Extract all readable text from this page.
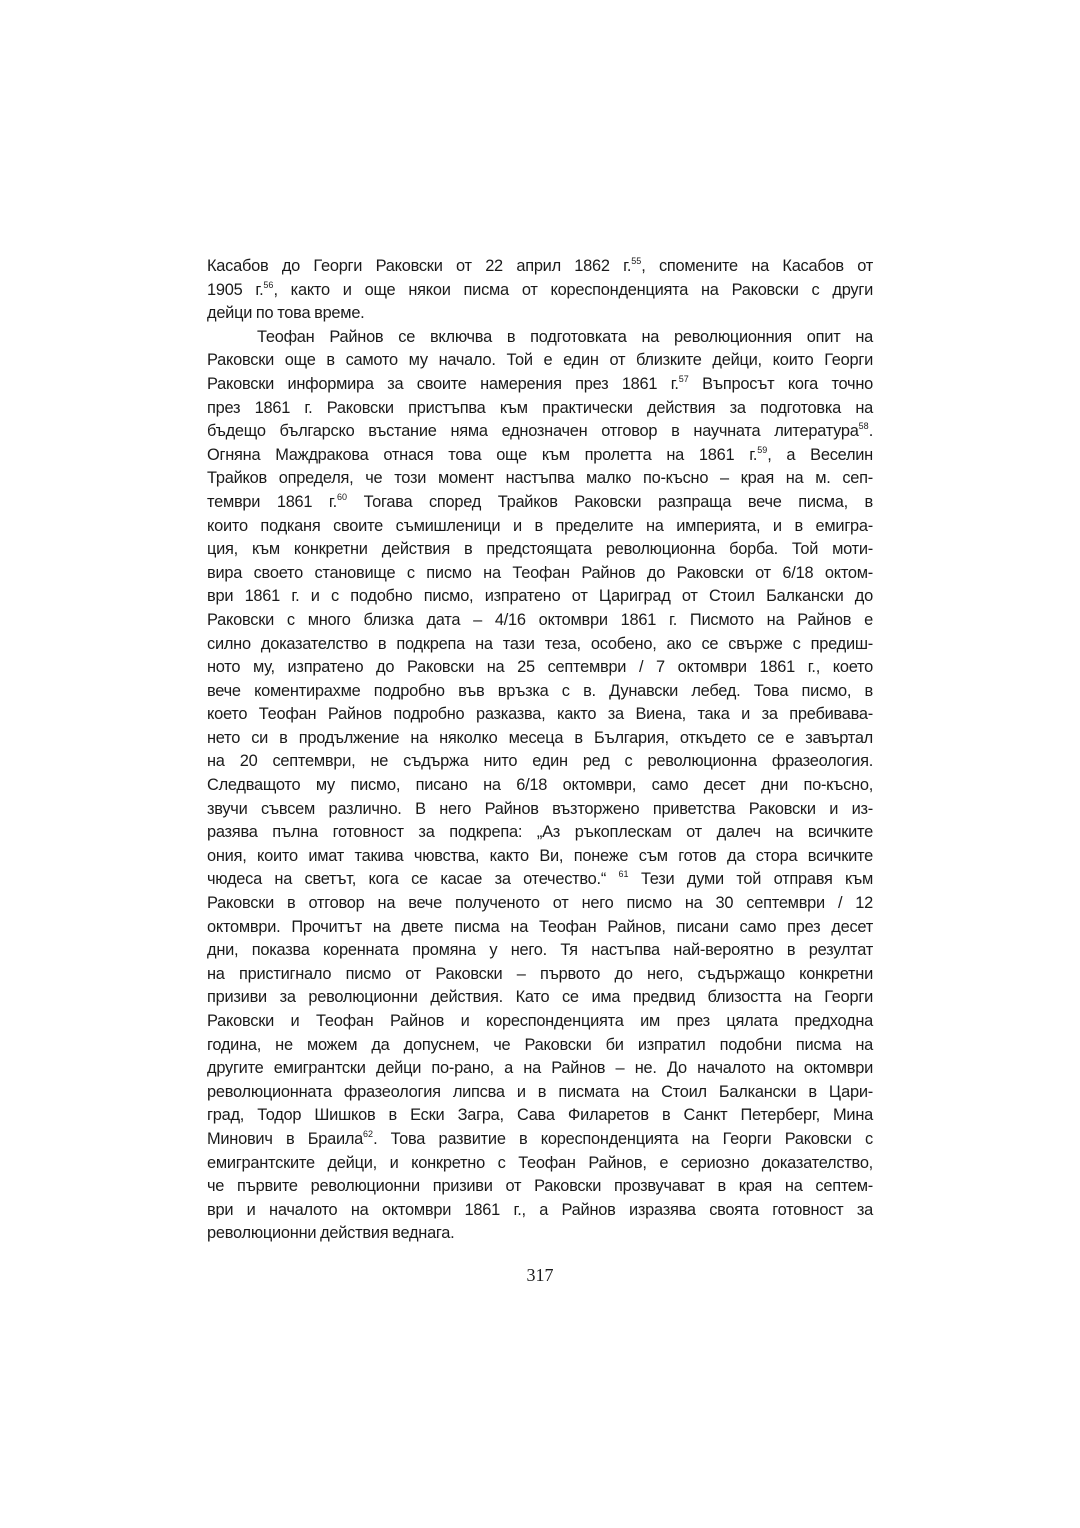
Касабов до Георги Раковски от 22 април 1862 г.$^{55}$, спомените на Касабов от
1905 г.$^{56}$, както и още някои писма от кореспонденцията на Раковски с други
дейци по това време.
Теофан Райнов се включва в подготовката на революционния опит на
Раковски още в самото му начало. Той е един от близките дейци, които Георги
Раковски информира за своите намерения през 1861 г.$^{57}$ Въпросът кога точно
през 1861 г. Раковски пристъпва към практически действия за подготовка на
бъдещо българско въстание няма еднозначен отговор в научната литература$^{58}$.
Огняна Маждракова отнася това още към пролетта на 1861 г.$^{59}$, а Веселин
Трайков определя, че този момент настъпва малко по-късно – края на м. сеп-
тември 1861 г.$^{60}$ Тогава според Трайков Раковски разпраща вече писма, в
които подканя своите съмишленици и в пределите на империята, и в емигра-
ция, към конкретни действия в предстоящата революционна борба. Той моти-
вира своето становище с писмо на Теофан Райнов до Раковски от 6/18 октом-
ври 1861 г. и с подобно писмо, изпратено от Цариград от Стоил Балкански до
Раковски с много близка дата – 4/16 октомври 1861 г. Писмото на Райнов е
силно доказателство в подкрепа на тази теза, особено, ако се свърже с предиш-
ното му, изпратено до Раковски на 25 септември / 7 октомври 1861 г., което
вече коментирахме подробно във връзка с в. Дунавски лебед. Това писмо, в
което Теофан Райнов подробно разказва, както за Виена, така и за пребивава-
нето си в продължение на няколко месеца в България, откъдето се е завъртал
на 20 септември, не съдържа нито един ред с революционна фразеология.
Следващото му писмо, писано на 6/18 октомври, само десет дни по-късно,
звучи съвсем различно. В него Райнов възторжено приветства Раковски и из-
разява пълна готовност за подкрепа: „Аз ръкоплескам от далеч на всичките
ония, които имат такива чювства, както Ви, понеже съм готов да стора всичките
чюдеса на светът, кога се касае за отечество.“ $^{61}$ Тези думи той отправя към
Раковски в отговор на вече полученото от него писмо на 30 септември / 12
октомври. Прочитът на двете писма на Теофан Райнов, писани само през десет
дни, показва коренната промяна у него. Тя настъпва най-вероятно в резултат
на пристигнало писмо от Раковски – първото до него, съдържащо конкретни
призиви за революционни действия. Като се има предвид близостта на Георги
Раковски и Теофан Райнов и кореспонденцията им през цялата предходна
година, не можем да допуснем, че Раковски би изпратил подобни писма на
другите емигрантски дейци по-рано, а на Райнов – не. До началото на октомври
революционната фразеология липсва и в писмата на Стоил Балкански в Цари-
град, Тодор Шишков в Ески Загра, Сава Филаретов в Санкт Петерберг, Мина
Минович в Браила$^{62}$. Това развитие в кореспонденцията на Георги Раковски с
емигрантските дейци, и конкретно с Теофан Райнов, е сериозно доказателство,
че първите революционни призиви от Раковски прозвучават в края на септем-
ври и началото на октомври 1861 г., а Райнов изразява своята готовност за
революционни действия веднага.
317
